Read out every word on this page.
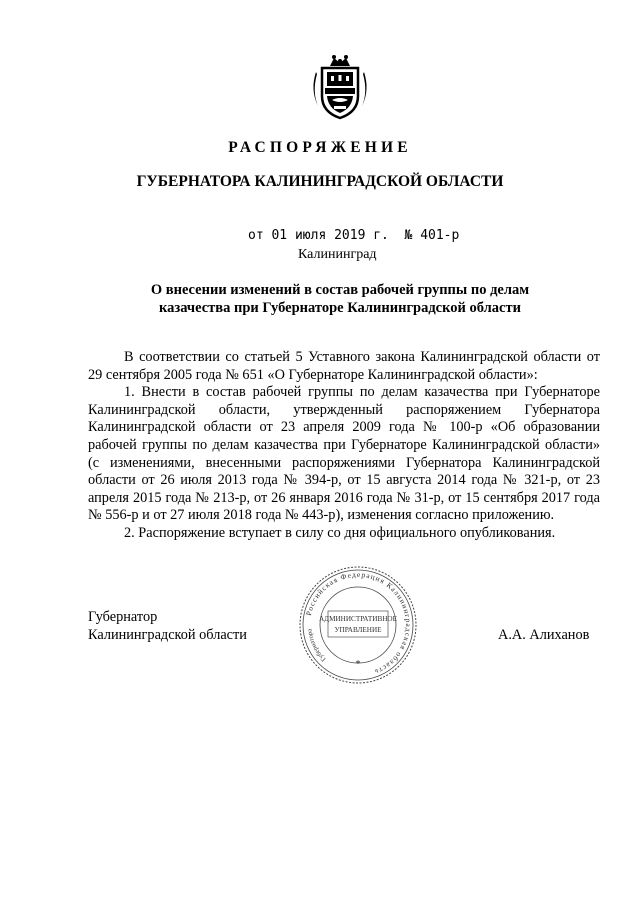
РАСПОРЯЖЕНИЕ
ГУБЕРНАТОРА КАЛИНИНГРАДСКОЙ ОБЛАСТИ
от 01 июля 2019 г. № 401-р
Калининград
О внесении изменений в состав рабочей группы по делам
казачества при Губернаторе Калининградской области

В соответствии со статьей 5 Уставного закона Калининградской области от 29 сентября 2005 года № 651 «О Губернаторе Калининградской области»:

1. Внести в состав рабочей группы по делам казачества при Губернаторе Калининградской области, утвержденный распоряжением Губернатора Калининградской области от 23 апреля 2009 года № 100-р «Об образовании рабочей группы по делам казачества при Губернаторе Калининградской области» (с изменениями, внесенными распоряжениями Губернатора Калининградской области от 26 июля 2013 года № 394-р, от 15 августа 2014 года № 321-р, от 23 апреля 2015 года № 213-р, от 26 января 2016 года № 31-р, от 15 сентября 2017 года № 556-р и от 27 июля 2018 года № 443-р), изменения согласно приложению.

2. Распоряжение вступает в силу со дня официального опубликования.

Губернатор
Калининградской области	А.А. Алиханов
Российская Федерация Калининградская область
Губернатора
АДМИНИСТРАТИВНОЕ
УПРАВЛЕНИЕ
*
